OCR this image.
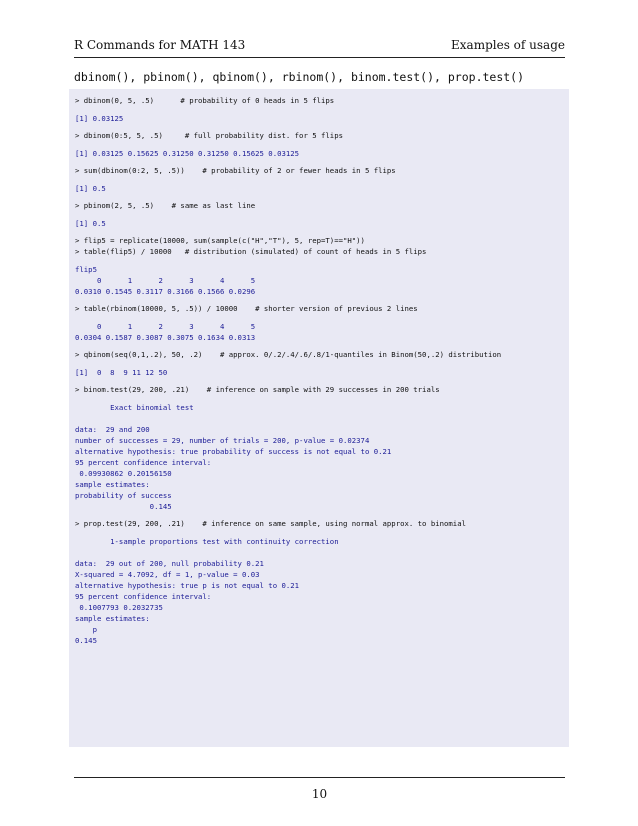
R Commands for MATH 143	Examples of usage
dbinom(), pbinom(), qbinom(), rbinom(), binom.test(), prop.test()
> dbinom(0, 5, .5)      # probability of 0 heads in 5 flips
[1] 0.03125
> dbinom(0:5, 5, .5)     # full probability dist. for 5 flips
[1] 0.03125 0.15625 0.31250 0.31250 0.15625 0.03125
> sum(dbinom(0:2, 5, .5))    # probability of 2 or fewer heads in 5 flips
[1] 0.5
> pbinom(2, 5, .5)    # same as last line
[1] 0.5
> flip5 = replicate(10000, sum(sample(c("H","T"), 5, rep=T)=="H"))
> table(flip5) / 10000   # distribution (simulated) of count of heads in 5 flips
flip5
0      1      2      3      4      5
0.0310 0.1545 0.3117 0.3166 0.1566 0.0296
> table(rbinom(10000, 5, .5)) / 10000    # shorter version of previous 2 lines
0      1      2      3      4      5
0.0304 0.1587 0.3087 0.3075 0.1634 0.0313
> qbinom(seq(0,1,.2), 50, .2)    # approx. 0/.2/.4/.6/.8/1-quantiles in Binom(50,.2) distribution
[1]  0  8  9 11 12 50
> binom.test(29, 200, .21)    # inference on sample with 29 successes in 200 trials
Exact binomial test
data:  29 and 200
number of successes = 29, number of trials = 200, p-value = 0.02374
alternative hypothesis: true probability of success is not equal to 0.21
95 percent confidence interval:
0.09930862 0.20156150
sample estimates:
probability of success
0.145
> prop.test(29, 200, .21)    # inference on same sample, using normal approx. to binomial
1-sample proportions test with continuity correction
data:  29 out of 200, null probability 0.21
X-squared = 4.7092, df = 1, p-value = 0.03
alternative hypothesis: true p is not equal to 0.21
95 percent confidence interval:
0.1007793 0.2032735
sample estimates:
p
0.145
10
